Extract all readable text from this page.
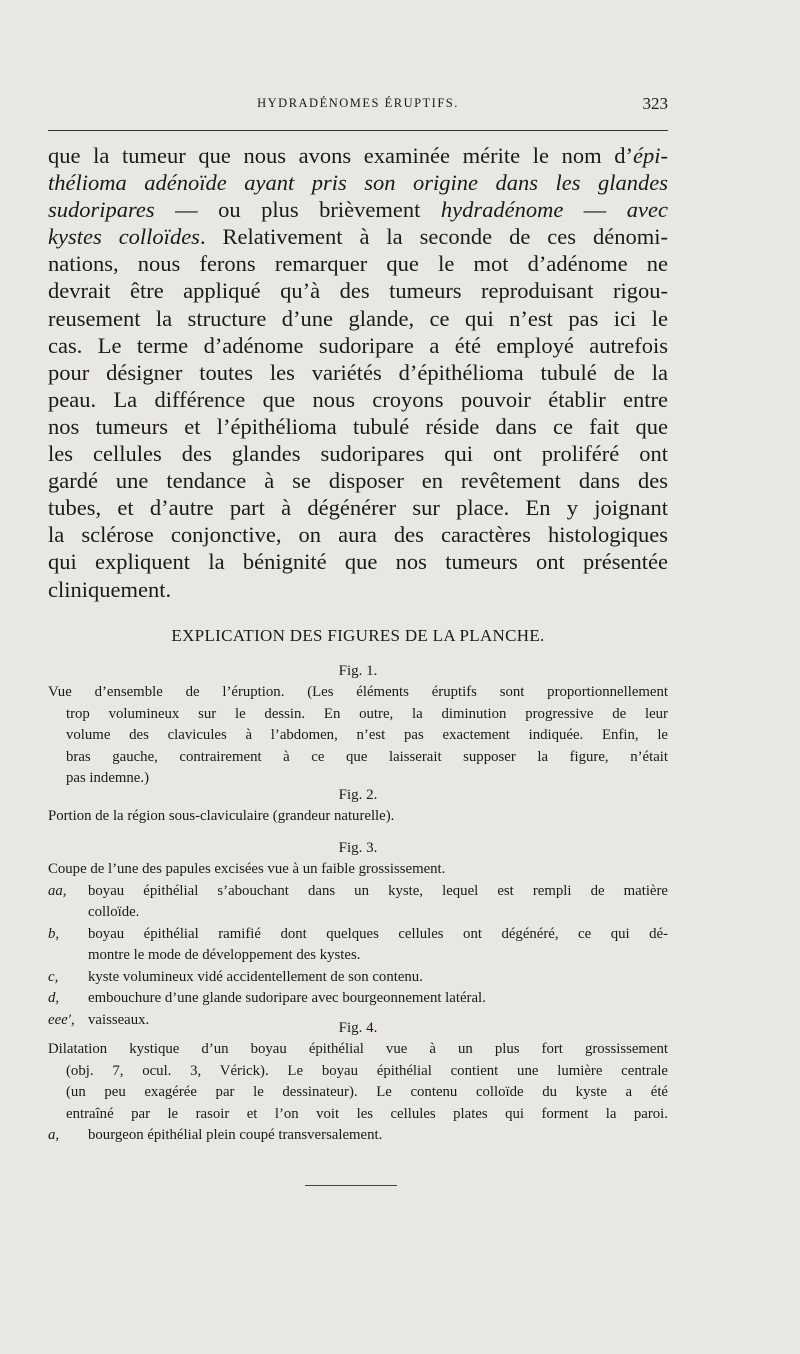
HYDRADÉNOMES ÉRUPTIFS.	323
que la tumeur que nous avons examinée mérite le nom d’épi-
thélioma adénoïde ayant pris son origine dans les glandes
sudoripares — ou plus brièvement hydradénome — avec
kystes colloïdes. Relativement à la seconde de ces dénomi-
nations, nous ferons remarquer que le mot d’adénome ne
devrait être appliqué qu’à des tumeurs reproduisant rigou-
reusement la structure d’une glande, ce qui n’est pas ici le
cas. Le terme d’adénome sudoripare a été employé autrefois
pour désigner toutes les variétés d’épithélioma tubulé de la
peau. La différence que nous croyons pouvoir établir entre
nos tumeurs et l’épithélioma tubulé réside dans ce fait que
les cellules des glandes sudoripares qui ont proliféré ont
gardé une tendance à se disposer en revêtement dans des
tubes, et d’autre part à dégénérer sur place. En y joignant
la sclérose conjonctive, on aura des caractères histologiques
qui expliquent la bénignité que nos tumeurs ont présentée
cliniquement.
EXPLICATION DES FIGURES DE LA PLANCHE.
Fig. 1.
Vue d’ensemble de l’éruption. (Les éléments éruptifs sont proportionnellement
trop volumineux sur le dessin. En outre, la diminution progressive de leur
volume des clavicules à l’abdomen, n’est pas exactement indiquée. Enfin, le
bras gauche, contrairement à ce que laisserait supposer la figure, n’était
pas indemne.)
Fig. 2.
Portion de la région sous-claviculaire (grandeur naturelle).
Fig. 3.
Coupe de l’une des papules excisées vue à un faible grossissement.
aa,	boyau épithélial s’abouchant dans un kyste, lequel est rempli de matière
colloïde.
b,	boyau épithélial ramifié dont quelques cellules ont dégénéré, ce qui dé-
montre le mode de développement des kystes.
c,	kyste volumineux vidé accidentellement de son contenu.
d,	embouchure d’une glande sudoripare avec bourgeonnement latéral.
eee′, vaisseaux.
Fig. 4.
Dilatation kystique d’un boyau épithélial vue à un plus fort grossissement
(obj. 7, ocul. 3, Vérick). Le boyau épithélial contient une lumière centrale
(un peu exagérée par le dessinateur). Le contenu colloïde du kyste a été
entraîné par le rasoir et l’on voit les cellules plates qui forment la paroi.
a,	bourgeon épithélial plein coupé transversalement.
